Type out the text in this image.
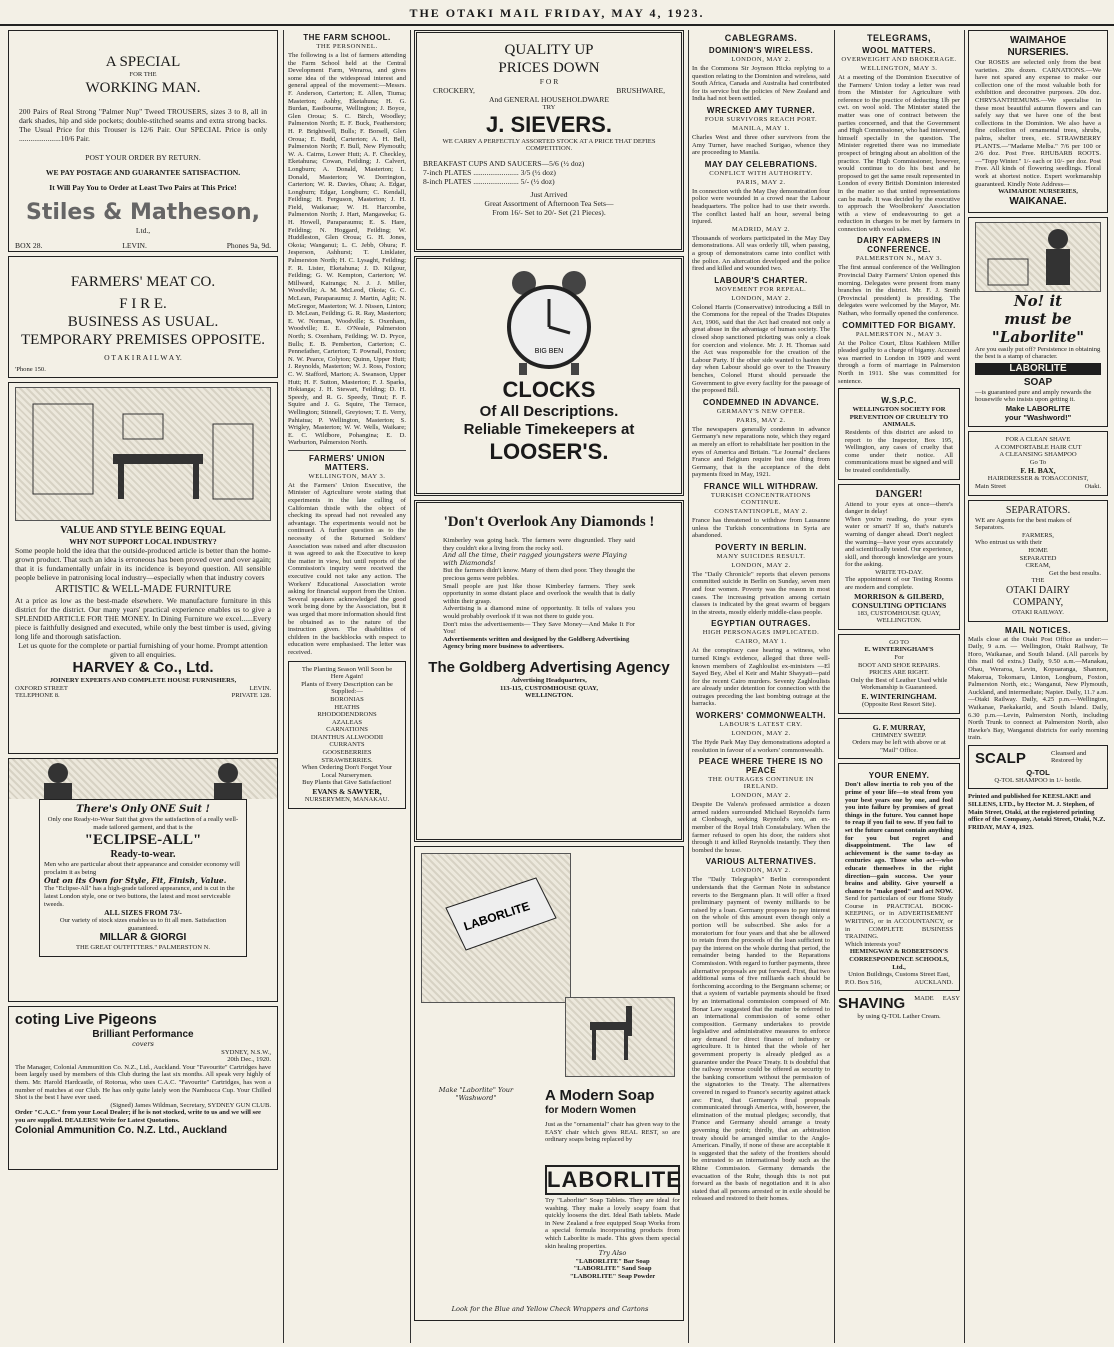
THE OTAKI MAIL FRIDAY, MAY 4, 1923.
A SPECIAL
FOR THE
WORKING MAN.
200 Pairs of Real Strong "Palmer Nup" Tweed TROUSERS, sizes 3 to 8, all in dark shades, hip and side pockets; double-stitched seams and extra strong backs. The Usual Price for this Trouser is 12/6 Pair. Our SPECIAL Price is only ......................10/6 Pair.
POST YOUR ORDER BY RETURN.
WE PAY POSTAGE AND GUARANTEE SATISFACTION.
It Will Pay You to Order at Least Two Pairs at This Price!
Stiles & Matheson,
Ltd.,
BOX 28.	LEVIN.	Phones 9a, 9d.
FARMERS' MEAT CO.
F I R E.
BUSINESS AS USUAL.
TEMPORARY PREMISES OPPOSITE.
O T A K I R A I L W A Y.
'Phone 150.
VALUE AND STYLE BEING EQUAL
WHY NOT SUPPORT LOCAL INDUSTRY?
Some people hold the idea that the outside-produced article is better than the home-grown product. That such an idea is erroneous has been proved over and over again; that it is fundamentally unfair in its incidence is beyond question. All sensible people believe in patronising local industry—especially when that industry covers
ARTISTIC & WELL-MADE FURNITURE
At a price as low as the best-made elsewhere. We manufacture furniture in this district for the district. Our many years' practical experience enables us to give a SPLENDID ARTICLE FOR THE MONEY. In Dining Furniture we excel......Every piece is faithfully designed and executed, while only the best timber is used, giving long life and thorough satisfaction.
Let us quote for the complete or partial furnishing of your home. Prompt attention given to all enquiries.
HARVEY & Co., Ltd.
JOINERY EXPERTS AND COMPLETE HOUSE FURNISHERS,
OXFORD STREET	LEVIN.
TELEPHONE 8.	PRIVATE 128.
There's Only ONE Suit !
Only one Ready-to-Wear Suit that gives the satisfaction of a really well-made tailored garment, and that is the
"ECLIPSE-ALL"
Ready-to-wear.
Men who are particular about their appearance and consider economy will proclaim it as being
Out on its Own for Style, Fit, Finish, Value.
The "Eclipse-All" has a high-grade tailored appearance, and is cut in the latest London style, one or two buttons, the latest and most serviceable tweeds.
ALL SIZES FROM 73/-
Our variety of stock sizes enables us to fit all men. Satisfaction guaranteed.
MILLAR & GIORGI
THE GREAT OUTFITTERS." PALMERSTON N.
coting Live Pigeons
Brilliant Performance
covers
SYDNEY, N.S.W.,
20th Dec., 1920.
The Manager, Colonial Ammunition Co. N.Z., Ltd., Auckland. Your "Favourite" Cartridges have been largely used by members of this Club during the last six months. All speak very highly of them. Mr. Harold Hardcastle, of Rotorua, who uses C.A.C. "Favourite" Cartridges, has won a number of matches at our Club. He has only quite lately won the Nambucca Cup. Your Chilled Shot is the best I have ever used.
(Signed) James Wildman, Secretary, SYDNEY GUN CLUB.
Order "C.A.C." from your Local Dealer; if he is not stocked, write to us and we will see you are supplied. DEALERS! Write for Latest Quotations.
Colonial Ammunition Co. N.Z. Ltd., Auckland
THE FARM SCHOOL.
THE PERSONNEL.
The following is a list of farmers attending the Farm School held at the Central Development Farm, Weraroa, and gives some idea of the widespread interest and general appeal of the movement:—Messrs. F. Anderson, Carterton; E. Allen, Tiuma; Masterton; Ashby, Eketahuna; H. G. Burdan, Eastbourne, Wellington; J. Boyce, Glen Oroua; S. C. Birch, Woodley; Palmerston North; E. F. Buck, Featherston; H. P. Brightwell, Bulls; F. Borsell, Glen Oroua; E. Budd, Carterton; A. H. Bell, Palmerston North; F. Bull, New Plymouth; W. A. Cairns, Lower Hutt; A. F. Checkley, Eketahuna; Cowan, Feilding; J. Calvert, Longburn; A. Donald, Masterton; L. Donald, Masterton; W. Dorrington, Carterton; W. R. Davies, Ohau; A. Edgar, Longburn; Edgar, Longburn; C. Kendall, Feilding; H. Ferguson, Masterton; J. H. Field, Waikanae; W. H. Harcombe, Palmerston North; J. Hart, Mangaweka; G. H. Howell, Paraparaumu; E. S. Hare, Feilding; N. Hoggard, Feilding; W. Huddleston, Glen Oroua; G. H. Jones, Okoia; Wanganui; L. C. Jebb, Ohura; F. Jesperson, Ashhurst; T. Linklater, Palmerston North; H. C. Lysaght, Feilding; F. R. Lister, Eketahuna; J. D. Kilgour, Feilding; G. W. Kempton, Carterton; W. Millward, Kairanga; N. J. J. Miller, Woodville; A. M. McLeod, Okoia; G. C. McLean, Paraparaumu; J. Martin, Aglit; N. McGregor, Masterton; W. J. Nissen, Linton; D. McLean, Feilding; G. R. Ray, Masterton; E. W. Norman, Woodville; S. Oxenham, Woodville; E. E. O'Neale, Palmerston North; S. Oxenham, Feilding; W. D. Pryce, Bulls; E. B. Pemberton, Carterton; C. Pennefather, Carterton; T. Pownall, Foxton; N. W. Pearce, Colyton; Quinn, Upper Hutt; J. Reynolds, Masterton; W. J. Ross, Foxton; C. W. Stafford, Marton; A. Swanson, Upper Hutt; H. F. Sutton, Masterton; F. J. Sparks, Hokianga; J. H. Stewart, Feilding; D. H. Speedy, and R. G. Speedy, Tinui; F. F. Squire and J. G. Squire, The Terrace, Wellington; Stinnell, Greytown; T. E. Verry, Pahiatua; P. Wellington, Masterton; S. Wrigley, Masterton; W. W. Wells, Waikare; E. C. Wildbore, Pohangina; E. D. Warburton, Palmerston North.
FARMERS' UNION MATTERS.
WELLINGTON, MAY 3.
At the Farmers' Union Executive, the Minister of Agriculture wrote stating that experiments in the late culling of Californian thistle with the object of checking its spread had not revealed any advantage. The experiments would not be continued. A further question as to the necessity of the Returned Soldiers' Association was raised and after discussion it was agreed to ask the Executive to keep the matter in view, but until reports of the Commission's inquiry were received the executive could not take any action. The Workers' Educational Association wrote asking for financial support from the Union. Several speakers acknowledged the good work being done by the Association, but it was urged that more information should first be obtained as to the nature of the instruction given. The disabilities of children in the backblocks with respect to education were emphasised. The letter was received.
The Planting Season Will Soon be Here Again!
Plants of Every Description can be Supplied:—
BORONIAS
HEATHS
RHODODENDRONS
AZALEAS
CARNATIONS
DIANTHUS ALLWOODII
CURRANTS
GOOSEBERRIES
STRAWBERRIES.
When Ordering Don't Forget Your Local Nurserymen.
Buy Plants that Give Satisfaction!
EVANS & SAWYER,
NURSERYMEN, MANAKAU.
QUALITY UP
PRICES DOWN
F O R
CROCKERY,	BRUSHWARE,
And GENERAL HOUSEHOLDWARE
TRY
J. SIEVERS.
WE CARRY A PERFECTLY ASSORTED STOCK AT A PRICE THAT DEFIES COMPETITION.
BREAKFAST CUPS AND SAUCERS—5/6 (½ doz)
7-inch PLATES ........................ 3/5 (½ doz)
8-inch PLATES ........................ 5/- (½ doz)
Just Arrived
Great Assortment of Afternoon Tea Sets—
From 16/- Set to 20/- Set (21 Pieces).
BIG BEN
CLOCKS
Of All Descriptions.
Reliable Timekeepers at
LOOSER'S.
'Don't Overlook Any Diamonds !
Kimberley was going back. The farmers were disgruntled. They said they couldn't eke a living from the rocky soil.
And all the time, their ragged youngsters were Playing with Diamonds!
But the farmers didn't know. Many of them died poor. They thought the precious gems were pebbles.
Small people are just like those Kimberley farmers. They seek opportunity in some distant place and overlook the wealth that is daily within their grasp.
Advertising is a diamond mine of opportunity. It tells of values you would probably overlook if it was not there to guide you.
Don't miss the advertisements— They Save Money—And Make It For You!
Advertisements written and designed by the Goldberg Advertising Agency bring more business to advertisers.
The Goldberg Advertising Agency
Advertising Headquarters,
113-115, CUSTOMHOUSE QUAY,
WELLINGTON.
LABORLITE
Make "Laborlite" Your "Washword"	A Modern Soap
for Modern Women
Just as the "ornamental" chair has given way to the EASY chair which gives REAL REST, so are ordinary soaps being replaced by
LABORLITE
Try "Laborlite" Soap Tablets. They are ideal for washing. They make a lovely soapy foam that quickly loosens the dirt. Ideal Bath tablets. Made in New Zealand a free equipped Soap Works from a special formula incorporating products from which Laborlite is made. This gives them special skin healing properties.
Try Also
"LABORLITE" Bar Soap
"LABORLITE" Sand Soap
"LABORLITE" Soap Powder
Look for the Blue and Yellow Check Wrappers and Cartons
CABLEGRAMS.
DOMINION'S WIRELESS.
LONDON, MAY 2.
In the Commons Sir Joynson Hicks replying to a question relating to the Dominion and wireless, said South Africa, Canada and Australia had contributed for its service but the policies of New Zealand and India had not been settled.
WRECKED AMY TURNER.
FOUR SURVIVORS REACH PORT.
MANILA, MAY 1.
Charles West and three other survivors from the Amy Turner, have reached Surigao, whence they are proceeding to Manila.
MAY DAY CELEBRATIONS.
CONFLICT WITH AUTHORITY.
PARIS, MAY 2.
In connection with the May Day demonstration four police were wounded in a crowd near the Labour headquarters. The police had to use their swords. The conflict lasted half an hour, several being injured.
MADRID, MAY 2.
Thousands of workers participated in the May Day demonstrations. All was orderly till, when passing, a group of demonstrators came into conflict with the police. An altercation developed and the police fired and killed and wounded two.
LABOUR'S CHARTER.
MOVEMENT FOR REPEAL.
LONDON, MAY 2.
Colonel Harris (Conservative) introducing a Bill in the Commons for the repeal of the Trades Disputes Act, 1906, said that the Act had created not only a great abuse in the advantage of human society. The closed shop sanctioned picketing was only a cloak for coercion and violence. Mr. J. H. Thomas said the Act was responsible for the creation of the Labour Party. If the other side wanted to hasten the day when Labour should go over to the Treasury benches, Colonel Hurst should persuade the Government to give every facility for the passage of the proposed Bill.
CONDEMNED IN ADVANCE.
GERMANY'S NEW OFFER.
PARIS, MAY 2.
The newspapers generally condemn in advance Germany's new reparations note, which they regard as merely an effort to rehabilitate her position in the eyes of America and Britain. "Le Journal" declares France and Belgium require but one thing from Germany, that is the acceptance of the debt payments fixed in May, 1921.
FRANCE WILL WITHDRAW.
TURKISH CONCENTRATIONS CONTINUE.
CONSTANTINOPLE, MAY 2.
France has threatened to withdraw from Lausanne unless the Turkish concentrations in Syria are abandoned.
POVERTY IN BERLIN.
MANY SUICIDES RESULT.
LONDON, MAY 2.
The "Daily Chronicle" reports that eleven persons committed suicide in Berlin on Sunday, seven men and four women. Poverty was the reason in most cases. The increasing privation among certain classes is indicated by the great swarm of beggars in the streets, mostly elderly middle-class people.
EGYPTIAN OUTRAGES.
HIGH PERSONAGES IMPLICATED.
CAIRO, MAY 1.
At the conspiracy case hearing a witness, who turned King's evidence, alleged that three well-known members of Zaghloulist ex-ministers —El Sayed Bey, Abel el Keir and Mahir Shayyati—paid for the recent Cairo murders. Seventy Zaghloulists are already under detention for connection with the outrages preceding the last bombing outrage at the barracks.
WORKERS' COMMONWEALTH.
LABOUR'S LATEST CRY.
LONDON, MAY 2.
The Hyde Park May Day demonstrations adopted a resolution in favour of a workers' commonwealth.
PEACE WHERE THERE IS NO PEACE
THE OUTRAGES CONTINUE IN IRELAND.
LONDON, MAY 2.
Despite De Valera's professed armistice a dozen armed raiders surrounded Michael Reynold's farm at Clonbeagh, seeking Reynold's son, an ex-member of the Royal Irish Constabulary. When the farmer refused to open his door, the raiders shot through it and killed Reynolds instantly. They then bombed the house.
VARIOUS ALTERNATIVES.
LONDON, MAY 2.
The "Daily Telegraph's" Berlin correspondent understands that the German Note in substance reverts to the Bergmann plan. It will offer a fixed preliminary payment of twenty milliards to be raised by a loan. Germany proposes to pay interest on the whole of this amount even though only a portion will be subscribed. She asks for a moratorium for four years and that she be allowed to retain from the proceeds of the loan sufficient to pay the interest on the whole during that period, the remainder being handed to the Reparations Commission. With regard to further payments, three alternative proposals are put forward. First, that two additional sums of five milliards each should be forthcoming according to the Bergmann scheme; or that a system of variable payments should be fixed by an international commission composed of Mr. Bonar Law suggested that the matter be referred to an international commission of some other composition. Germany undertakes to provide legislative and administrative measures to enforce any demand for direct finance of industry or agriculture. It is hinted that the whole of her government property is already pledged as a guarantee under the Peace Treaty. It is doubtful that the railway revenue could be offered as security to the banking consortium without the permission of the signatories to the Treaty. The alternatives covered in regard to France's security against attack are: First, that Germany's final proposals communicated through America, with, however, the elimination of the mutual pledges; secondly, that France and Germany should arrange a treaty governing the point; thirdly, that an arbitration treaty should be arranged similar to the Anglo-American. Finally, if none of these are acceptable it is suggested that the safety of the frontiers should be entrusted to an international body such as the Rhine Commission. Germany demands the evacuation of the Ruhr, though this is not put forward as the basis of negotiation and it is also stated that all persons arrested or in exile should be released and restored to their homes.
TELEGRAMS,
WOOL MATTERS.
OVERWEIGHT AND BROKERAGE.
WELLINGTON, MAY 3.
At a meeting of the Dominion Executive of the Farmers' Union today a letter was read from the Minister for Agriculture with reference to the practice of deducting 1lb per cwt. on wool sold. The Minister stated the matter was one of contract between the parties concerned, and that the Government and High Commissioner, who had intervened, himself specially in the question. The Minister regretted there was no immediate prospect of bringing about an abolition of the practice. The High Commissioner, however, would continue to do his best and he proposed to get the same result represented in London of every British Dominion interested in the matter so that united representations can be made. It was decided by the executive to approach the Woolbrokers' Association with a view of endeavouring to get a reduction in charges to be met by farmers in connection with wool sales.
DAIRY FARMERS IN CONFERENCE.
PALMERSTON N., MAY 3.
The first annual conference of the Wellington Provincial Dairy Farmers' Union opened this morning. Delegates were present from many branches in the district. Mr. F. J. Smith (Provincial president) is presiding. The delegates were welcomed by the Mayor, Mr. Nathan, who formally opened the conference.
COMMITTED FOR BIGAMY.
PALMERSTON N., MAY 3.
At the Police Court, Eliza Kathleen Miller pleaded guilty to a charge of bigamy. Accused was married in London in 1909 and went through a form of marriage in Palmerston North in 1911. She was committed for sentence.
W.S.P.C.
WELLINGTON SOCIETY FOR PREVENTION OF CRUELTY TO ANIMALS.
Residents of this district are asked to report to the Inspector, Box 195, Wellington, any cases of cruelty that come under their notice. All communications must be signed and will be treated confidentially.
DANGER!
Attend to your eyes at once—there's danger in delay!
When you're reading, do your eyes water or smart? If so, that's nature's warning of danger ahead. Don't neglect the warning—have your eyes accurately and scientifically tested. Our experience, skill, and thorough knowledge are yours for the asking.
WRITE TO-DAY.
The appointment of our Testing Rooms are modern and complete.
MORRISON & GILBERD,
CONSULTING OPTICIANS
183, CUSTOMHOUSE QUAY,
WELLINGTON.
GO TO
E. WINTERINGHAM'S
For
BOOT AND SHOE REPAIRS.
PRICES ARE RIGHT.
Only the Best of Leather Used while Workmanship is Guaranteed.
E. WINTERINGHAM.
(Opposite Rest Resort Site).
G. F. MURRAY,
CHIMNEY SWEEP.
Orders may be left with above or at "Mail" Office.
YOUR ENEMY.
Don't allow inertia to rob you of the prime of your life—to steal from you your best years one by one, and fool you into failure by promises of great things in the future. You cannot hope to reap if you fail to sow. If you fail to set the future cannot contain anything for you but regret and disappointment. The law of achievement is the same to-day as centuries ago. Those who act—who educate themselves in the right direction—gain success. Use your brains and ability. Give yourself a chance to "make good" and act NOW.
Send for particulars of our Home Study Course in PRACTICAL BOOK-KEEPING, or in ADVERTISEMENT WRITING, or in ACCOUNTANCY, or in COMPLETE BUSINESS TRAINING.
Which interests you?
HEMINGWAY & ROBERTSON'S CORRESPONDENCE SCHOOLS, Ltd.,
Union Buildings, Customs Street East,
P.O. Box 516,	AUCKLAND.
SHAVING MADE EASY
by using Q-TOL Lather Cream.
WAIMAHOE
NURSERIES.
Our ROSES are selected only from the best varieties. 20s dozen. CARNATIONS.—We have not spared any expense to make our collection one of the most valuable both for exhibition and decorative purposes. 20s doz. CHRYSANTHEMUMS.—We specialise in these most beautiful autumn flowers and can safely say that we have one of the best collections in the Dominion. We also have a fine collection of ornamental trees, shrubs, palms, shelter trees, etc. STRAWBERRY PLANTS.—"Madame Melba." 7/6 per 100 or 2/6 doz. Post Free. RHUBARB ROOTS.—"Topp Winter." 1/- each or 10/- per doz. Post Free. All kinds of flowering seedlings. Floral work at shortest notice. Expert workmanship guaranteed. Kindly Note Address—
WAIMAHOE NURSERIES,
WAIKANAE.
No! it
must be
"Laborlite"
Are you easily put off? Persistence in obtaining the best is a stamp of character.
LABORLITE
SOAP
—is guaranteed pure and amply rewards the housewife who insists upon getting it.
Make LABORLITE
your "Washword!"
FOR A CLEAN SHAVE
A COMFORTABLE HAIR CUT
A CLEANSING SHAMPOO
Go To
F. H. BAX,
HAIRDRESSER & TOBACCONIST,
Main Street	Otaki.
SEPARATORS.
WE are Agents for the best makes of Separators.
FARMERS,
Who entrust us with their
HOME
SEPARATED
CREAM,
Get the best results.
THE
OTAKI DAIRY
COMPANY,
OTAKI RAILWAY.
MAIL NOTICES.
Mails close at the Otaki Post Office as under:— Daily, 9 a.m. — Wellington, Otaki Railway, Te Horo, Waikanae, and South Island. (All parcels by this mail 6d extra.) Daily, 9.50 a.m.—Manakau, Ohau, Weraroa, Levin, Kopuaranga, Shannon, Makerua, Tokomaru, Linton, Longburn, Foxton, Palmerston North, etc.; Wanganui, New Plymouth, Auckland, and intermediate; Napier. Daily, 11.? a.m.—Otaki Railway. Daily, 4.25 p.m.—Wellington, Waikanae, Paekakariki, and South Island. Daily, 6.30 p.m.—Levin, Palmerston North, including North Trunk to connect at Palmerston North, also Hawke's Bay, Wanganui districts for early morning train.
SCALP	Cleansed and Restored by
Q-TOL
Q-TOL SHAMPOO in 1/- bottle.
Printed and published for KEESLAKE and SILLENS, LTD., by Hector M. J. Stephen, of Main Street, Otaki, at the registered printing office of the Company, Aotaki Street, Otaki, N.Z.
FRIDAY, MAY 4, 1923.
